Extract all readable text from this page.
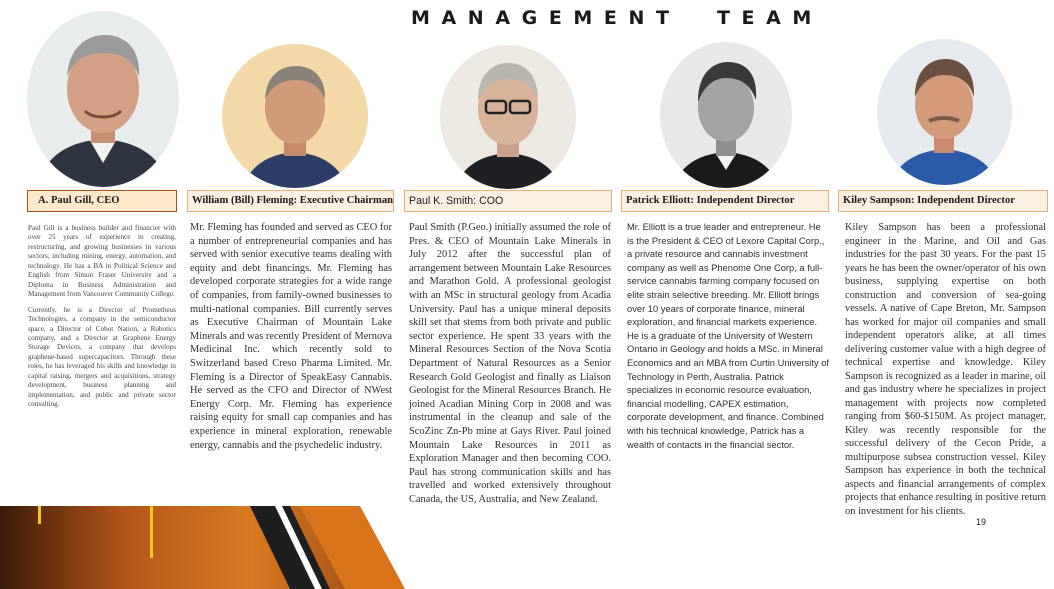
MANAGEMENT  TEAM
A. Paul Gill, CEO	William (Bill) Fleming: Executive Chairman	Paul K. Smith: COO	Patrick Elliott: Independent Director	Kiley Sampson: Independent Director

Paul Gill is a business builder and financier with over 25 years of experience in creating, restructuring, and growing businesses in various sectors, including mining, energy, automation, and technology. He has a BA in Political Science and English from Simon Fraser University and a Diploma in Business Administration and Management from Vancouver Community College.

Currently, he is a Director of Prometheus Technologies, a company in the semiconductor space, a Director of Cobot Nation, a Robotics company, and a Director at Graphene Energy Storage Devices, a company that develops graphene-based supercapacitors. Through these roles, he has leveraged his skills and knowledge in capital raising, mergers and acquisitions, strategy development, business planning and implementation, and public and private sector consulting.

Mr. Fleming has founded and served as CEO for a number of entrepreneurial companies and has served with senior executive teams dealing with equity and debt financings. Mr. Fleming has developed corporate strategies for a wide range of companies, from family-owned businesses to multi-national companies. Bill currently serves as Executive Chairman of Mountain Lake Minerals and was recently President of Mernova Medicinal Inc. which recently sold to Switzerland based Creso Pharma Limited. Mr. Fleming is a Director of SpeakEasy Cannabis. He served as the CFO and Director of NWest Energy Corp. Mr. Fleming has experience raising equity for small cap companies and has experience in mineral exploration, renewable energy, cannabis and the psychedelic industry.

Paul Smith (P.Geo.) initially assumed the role of Pres. & CEO of Mountain Lake Minerals in July 2012 after the successful plan of arrangement between Mountain Lake Resources and Marathon Gold. A professional geologist with an MSc in structural geology from Acadia University. Paul has a unique mineral deposits skill set that stems from both private and public sector experience. He spent 33 years with the Mineral Resources Section of the Nova Scotia Department of Natural Resources as a Senior Research Gold Geologist and finally as Liaison Geologist for the Mineral Resources Branch. He joined Acadian Mining Corp in 2008 and was instrumental in the cleanup and sale of the ScoZinc Zn-Pb mine at Gays River. Paul joined Mountain Lake Resources in 2011 as Exploration Manager and then becoming COO. Paul has strong communication skills and has travelled and worked extensively throughout Canada, the US, Australia, and New Zealand.

Mr. Elliott is a true leader and entrepreneur. He is the President & CEO of Lexore Capital Corp., a private resource and cannabis investment company as well as Phenome One Corp, a full-service cannabis farming company focused on elite strain selective breeding. Mr. Elliott brings over 10 years of corporate finance, mineral exploration, and financial markets experience. He is a graduate of the University of Western Ontario in Geology and holds a MSc. in Mineral Economics and an MBA from Curtin University of Technology in Perth, Australia. Patrick specializes in economic resource evaluation, financial modelling, CAPEX estimation, corporate development, and finance. Combined with his technical knowledge, Patrick has a wealth of contacts in the financial sector.

Kiley Sampson has been a professional engineer in the Marine, and Oil and Gas industries for the past 30 years. For the past 15 years he has been the owner/operator of his own business, supplying expertise on both construction and conversion of sea-going vessels. A native of Cape Breton, Mr. Sampson has worked for major oil companies and small independent operators alike, at all times delivering customer value with a high degree of technical expertise and knowledge. Kiley Sampson is recognized as a leader in marine, oil and gas industry where he specializes in project management with projects now completed ranging from $60-$150M. As project manager, Kiley was recently responsible for the successful delivery of the Cecon Pride, a multipurpose subsea construction vessel. Kiley Sampson has experience in both the technical aspects and financial arrangements of complex projects that enhance resulting in positive return on investment for his clients.

19
